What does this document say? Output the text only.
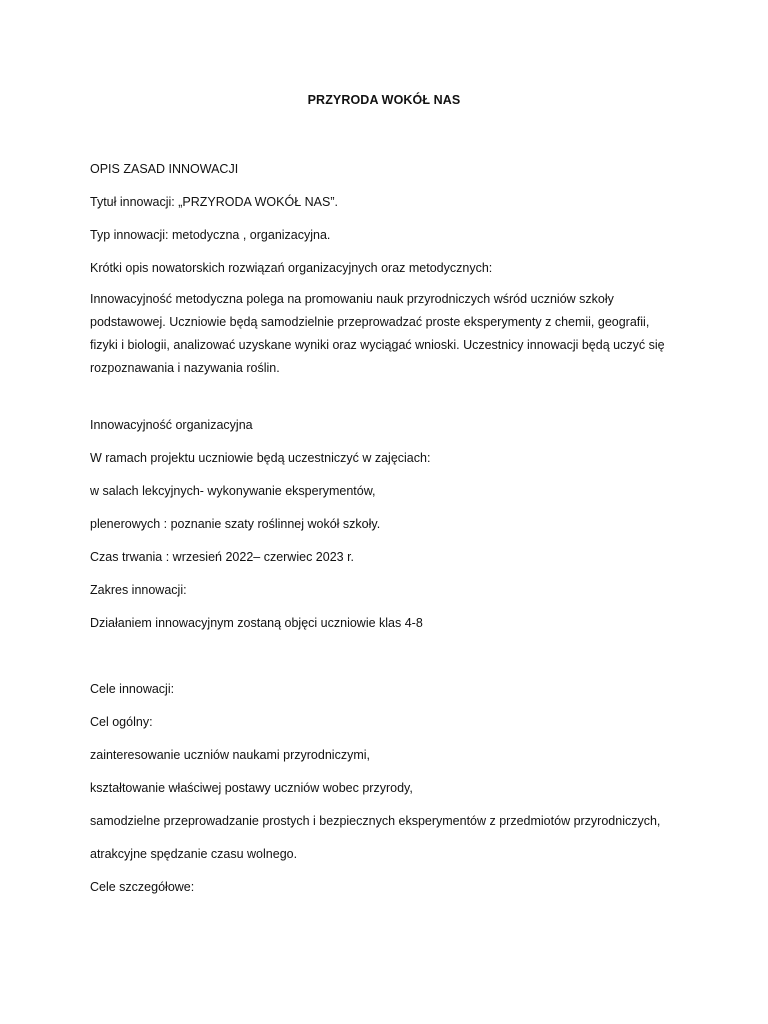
PRZYRODA WOKÓŁ NAS
OPIS ZASAD INNOWACJI
Tytuł innowacji: „PRZYRODA WOKÓŁ NAS”.
Typ innowacji: metodyczna , organizacyjna.
Krótki opis nowatorskich rozwiązań organizacyjnych oraz metodycznych:
Innowacyjność metodyczna polega na promowaniu nauk przyrodniczych wśród uczniów szkoły
podstawowej. Uczniowie będą samodzielnie przeprowadzać proste eksperymenty z chemii, geografii,
fizyki i biologii, analizować uzyskane wyniki oraz wyciągać wnioski. Uczestnicy innowacji będą uczyć się
rozpoznawania i nazywania roślin.
Innowacyjność organizacyjna
W ramach projektu uczniowie będą uczestniczyć w zajęciach:
w salach lekcyjnych- wykonywanie eksperymentów,
plenerowych : poznanie szaty roślinnej wokół szkoły.
Czas trwania : wrzesień 2022– czerwiec 2023 r.
Zakres innowacji:
Działaniem innowacyjnym zostaną objęci uczniowie klas 4-8
Cele innowacji:
Cel ogólny:
zainteresowanie uczniów naukami przyrodniczymi,
kształtowanie właściwej postawy uczniów wobec przyrody,
samodzielne przeprowadzanie prostych i bezpiecznych eksperymentów z przedmiotów przyrodniczych,
atrakcyjne spędzanie czasu wolnego.
Cele szczegółowe:
